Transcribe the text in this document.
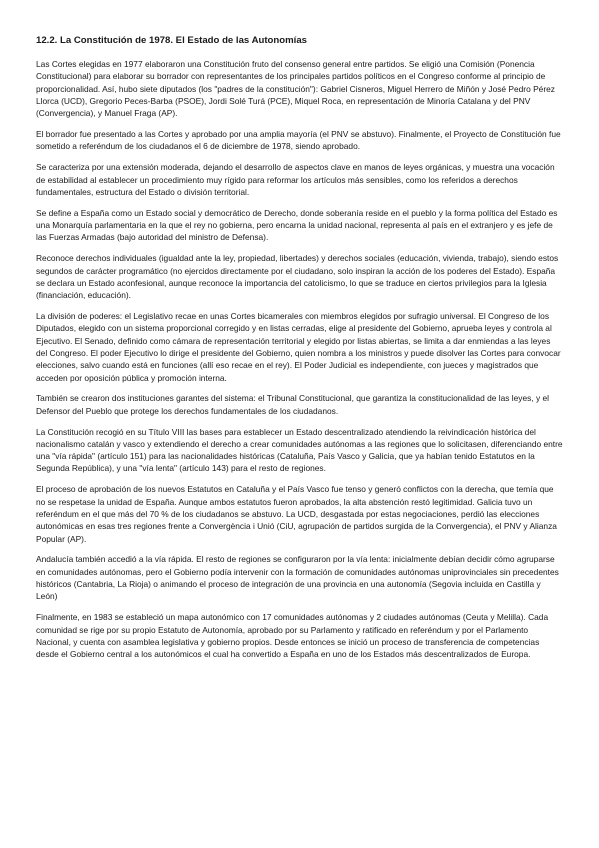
12.2. La Constitución de 1978. El Estado de las Autonomías

Las Cortes elegidas en 1977 elaboraron una Constitución fruto del consenso general entre partidos. Se eligió una Comisión (Ponencia Constitucional) para elaborar su borrador con representantes de los principales partidos políticos en el Congreso conforme al principio de proporcionalidad. Así, hubo siete diputados (los "padres de la constitución"): Gabriel Cisneros, Miguel Herrero de Miñón y José Pedro Pérez Llorca (UCD), Gregorio Peces-Barba (PSOE), Jordi Solé Turá (PCE), Miquel Roca, en representación de Minoría Catalana y del PNV (Convergencia), y Manuel Fraga (AP).

El borrador fue presentado a las Cortes y aprobado por una amplia mayoría (el PNV se abstuvo). Finalmente, el Proyecto de Constitución fue sometido a referéndum de los ciudadanos el 6 de diciembre de 1978, siendo aprobado.

Se caracteriza por una extensión moderada, dejando el desarrollo de aspectos clave en manos de leyes orgánicas, y muestra una vocación de estabilidad al establecer un procedimiento muy rígido para reformar los artículos más sensibles, como los referidos a derechos fundamentales, estructura del Estado o división territorial.

Se define a España como un Estado social y democrático de Derecho, donde soberanía reside en el pueblo y la forma política del Estado es una Monarquía parlamentaria en la que el rey no gobierna, pero encarna la unidad nacional, representa al país en el extranjero y es jefe de las Fuerzas Armadas (bajo autoridad del ministro de Defensa).

Reconoce derechos individuales (igualdad ante la ley, propiedad, libertades) y derechos sociales (educación, vivienda, trabajo), siendo estos segundos de carácter programático (no ejercidos directamente por el ciudadano, solo inspiran la acción de los poderes del Estado). España se declara un Estado aconfesional, aunque reconoce la importancia del catolicismo, lo que se traduce en ciertos privilegios para la Iglesia (financiación, educación).

La división de poderes: el Legislativo recae en unas Cortes bicamerales con miembros elegidos por sufragio universal. El Congreso de los Diputados, elegido con un sistema proporcional corregido y en listas cerradas, elige al presidente del Gobierno, aprueba leyes y controla al Ejecutivo. El Senado, definido como cámara de representación territorial y elegido por listas abiertas, se limita a dar enmiendas a las leyes del Congreso. El poder Ejecutivo lo dirige el presidente del Gobierno, quien nombra a los ministros y puede disolver las Cortes para convocar elecciones, salvo cuando está en funciones (allí eso recae en el rey). El Poder Judicial es independiente, con jueces y magistrados que acceden por oposición pública y promoción interna.

También se crearon dos instituciones garantes del sistema: el Tribunal Constitucional, que garantiza la constitucionalidad de las leyes, y el Defensor del Pueblo que protege los derechos fundamentales de los ciudadanos.

La Constitución recogió en su Título VIII las bases para establecer un Estado descentralizado atendiendo la reivindicación histórica del nacionalismo catalán y vasco y extendiendo el derecho a crear comunidades autónomas a las regiones que lo solicitasen, diferenciando entre una "vía rápida" (artículo 151) para las nacionalidades históricas (Cataluña, País Vasco y Galicia, que ya habían tenido Estatutos en la Segunda República), y una "vía lenta" (artículo 143) para el resto de regiones.

El proceso de aprobación de los nuevos Estatutos en Cataluña y el País Vasco fue tenso y generó conflictos con la derecha, que temía que no se respetase la unidad de España. Aunque ambos estatutos fueron aprobados, la alta abstención restó legitimidad. Galicia tuvo un referéndum en el que más del 70 % de los ciudadanos se abstuvo. La UCD, desgastada por estas negociaciones, perdió las elecciones autonómicas en esas tres regiones frente a Convergència i Unió (CiU, agrupación de partidos surgida de la Convergencia), el PNV y Alianza Popular (AP).

Andalucía también accedió a la vía rápida. El resto de regiones se configuraron por la vía lenta: inicialmente debían decidir cómo agruparse en comunidades autónomas, pero el Gobierno podía intervenir con la formación de comunidades autónomas uniprovinciales sin precedentes históricos (Cantabria, La Rioja) o animando el proceso de integración de una provincia en una autonomía (Segovia incluida en Castilla y León)

Finalmente, en 1983 se estableció un mapa autonómico con 17 comunidades autónomas y 2 ciudades autónomas (Ceuta y Melilla). Cada comunidad se rige por su propio Estatuto de Autonomía, aprobado por su Parlamento y ratificado en referéndum y por el Parlamento Nacional, y cuenta con asamblea legislativa y gobierno propios. Desde entonces se inició un proceso de transferencia de competencias desde el Gobierno central a los autonómicos el cual ha convertido a España en uno de los Estados más descentralizados de Europa.
